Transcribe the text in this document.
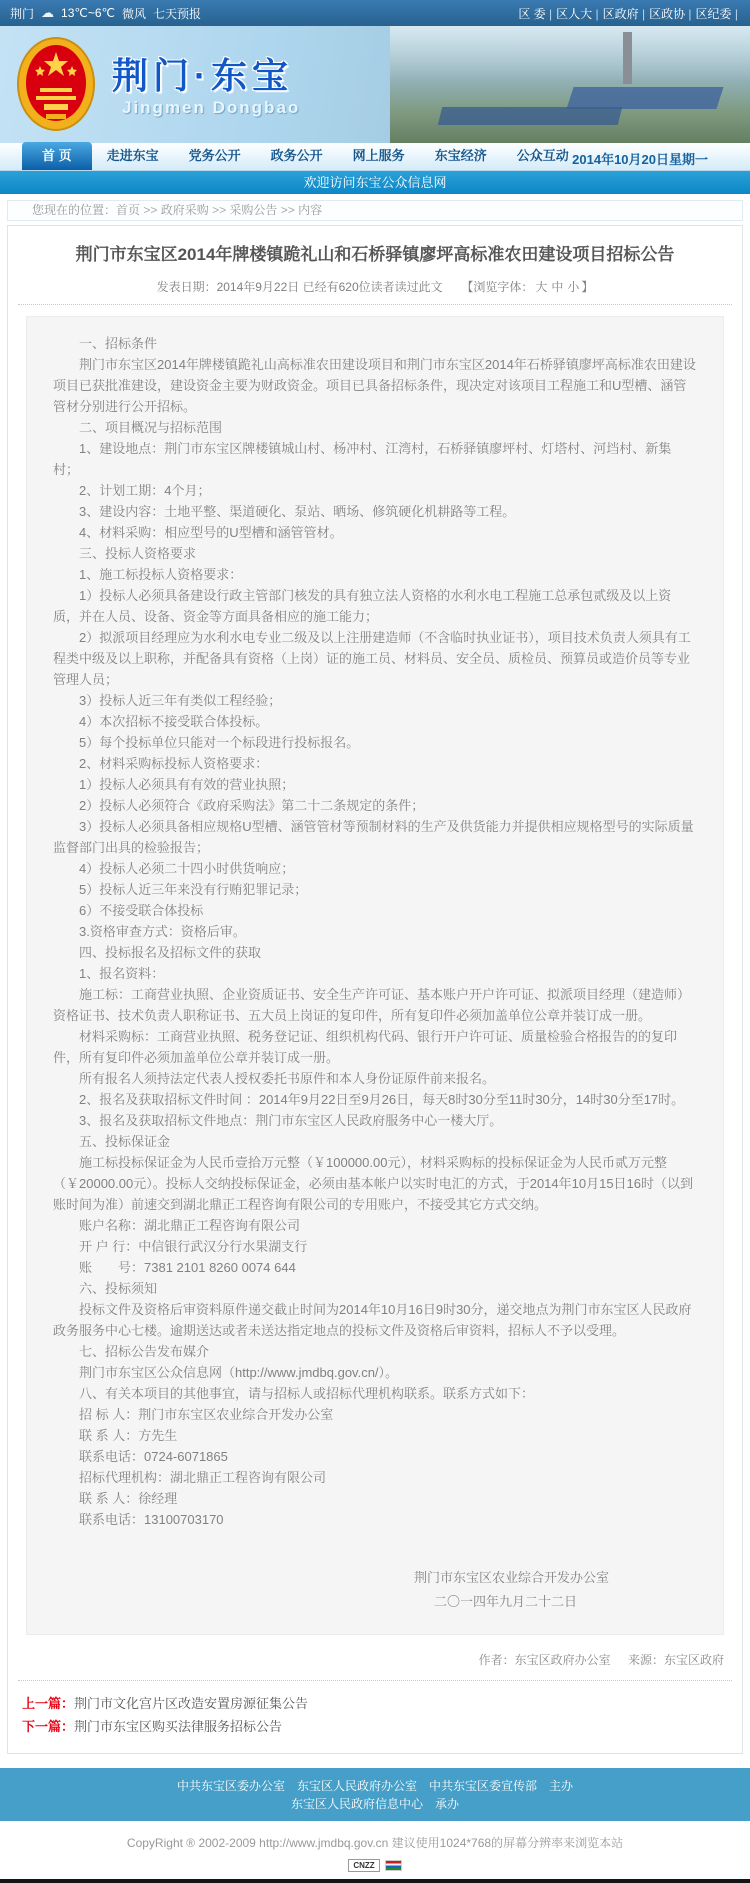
荆门 ☁ 13℃~6℃ 微风 七天预报	区 委 | 区人大 | 区政府 | 区政协 | 区纪委 |
荆门·东宝
Jingmen Dongbao
首 页	走进东宝 党务公开 政务公开 网上服务 东宝经济 公众互动 2014年10月20日星期一
欢迎访问东宝公众信息网
您现在的位置：首页 >> 政府采购 >> 采购公告 >> 内容
荆门市东宝区2014年牌楼镇跪礼山和石桥驿镇廖坪高标准农田建设项目招标公告
发表日期：2014年9月22日 已经有620位读者读过此文 　 【浏览字体： 大 中 小 】

一、招标条件

荆门市东宝区2014年牌楼镇跪礼山高标准农田建设项目和荆门市东宝区2014年石桥驿镇廖坪高标准农田建设项目已获批准建设，建设资金主要为财政资金。项目已具备招标条件，现决定对该项目工程施工和U型槽、涵管管材分别进行公开招标。

二、项目概况与招标范围

1、建设地点：荆门市东宝区牌楼镇城山村、杨冲村、江湾村，石桥驿镇廖坪村、灯塔村、河垱村、新集村；

2、计划工期：4个月；

3、建设内容：土地平整、渠道硬化、泵站、晒场、修筑硬化机耕路等工程。

4、材料采购：相应型号的U型槽和涵管管材。

三、投标人资格要求

1、施工标投标人资格要求：

1）投标人必须具备建设行政主管部门核发的具有独立法人资格的水利水电工程施工总承包贰级及以上资质，并在人员、设备、资金等方面具备相应的施工能力；

2）拟派项目经理应为水利水电专业二级及以上注册建造师（不含临时执业证书），项目技术负责人须具有工程类中级及以上职称，并配备具有资格（上岗）证的施工员、材料员、安全员、质检员、预算员或造价员等专业管理人员；

3）投标人近三年有类似工程经验；

4）本次招标不接受联合体投标。

5）每个投标单位只能对一个标段进行投标报名。

2、材料采购标投标人资格要求：

1）投标人必须具有有效的营业执照；

2）投标人必须符合《政府采购法》第二十二条规定的条件；

3）投标人必须具备相应规格U型槽、涵管管材等预制材料的生产及供货能力并提供相应规格型号的实际质量监督部门出具的检验报告；

4）投标人必须二十四小时供货响应；

5）投标人近三年来没有行贿犯罪记录；

6）不接受联合体投标

3.资格审查方式：资格后审。

四、投标报名及招标文件的获取

1、报名资料：

施工标：工商营业执照、企业资质证书、安全生产许可证、基本账户开户许可证、拟派项目经理（建造师）资格证书、技术负责人职称证书、五大员上岗证的复印件，所有复印件必须加盖单位公章并装订成一册。

材料采购标：工商营业执照、税务登记证、组织机构代码、银行开户许可证、质量检验合格报告的的复印件，所有复印件必须加盖单位公章并装订成一册。

所有报名人须持法定代表人授权委托书原件和本人身份证原件前来报名。

2、报名及获取招标文件时间 ：2014年9月22日至9月26日，每天8时30分至11时30分，14时30分至17时。

3、报名及获取招标文件地点：荆门市东宝区人民政府服务中心一楼大厅。

五、投标保证金

施工标投标保证金为人民币壹拾万元整（￥100000.00元），材料采购标的投标保证金为人民币贰万元整（￥20000.00元）。投标人交纳投标保证金，必须由基本帐户以实时电汇的方式，于2014年10月15日16时（以到账时间为准）前速交到湖北鼎正工程咨询有限公司的专用账户，不接受其它方式交纳。

账户名称：湖北鼎正工程咨询有限公司

开 户 行：中信银行武汉分行水果湖支行

账　　号：7381 2101 8260 0074 644

六、投标须知

投标文件及资格后审资料原件递交截止时间为2014年10月16日9时30分，递交地点为荆门市东宝区人民政府政务服务中心七楼。逾期送达或者未送达指定地点的投标文件及资格后审资料，招标人不予以受理。

七、招标公告发布媒介

荆门市东宝区公众信息网（http://www.jmdbq.gov.cn/）。

八、有关本项目的其他事宜，请与招标人或招标代理机构联系。联系方式如下：

招 标 人：荆门市东宝区农业综合开发办公室

联 系 人：方先生

联系电话：0724-6071865

招标代理机构：湖北鼎正工程咨询有限公司

联 系 人：徐经理

联系电话：13100703170

荆门市东宝区农业综合开发办公室
二〇一四年九月二十二日
作者：东宝区政府办公室 来源：东宝区政府
上一篇：荆门市文化宫片区改造安置房源征集公告
下一篇：荆门市东宝区购买法律服务招标公告
中共东宝区委办公室　东宝区人民政府办公室　中共东宝区委宣传部　主办
东宝区人民政府信息中心　承办
CopyRight ® 2002-2009 http://www.jmdbq.gov.cn 建议使用1024*768的屏幕分辨率来浏览本站
CNZZ
